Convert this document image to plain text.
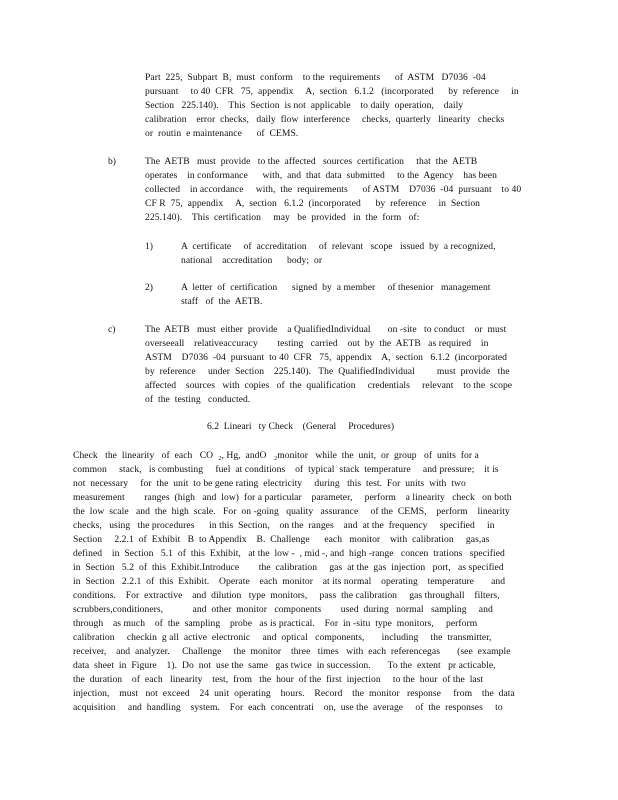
Part  225,  Subpart  B,  must  conform    to the  requirements      of  ASTM   D7036  -04
pursuant     to 40  CFR   75,  appendix     A,  section   6.1.2   (incorporated      by  reference     in
Section   225.140).    This  Section  is not  applicable    to daily  operation,    daily
calibration    error  checks,   daily  flow  interference     checks,  quarterly   linearity   checks
or  routin  e maintenance      of  CEMS.
b)	The  AETB   must  provide   to the  affected   sources  certification     that  the  AETB
operates    in conformance      with,  and  that  data  submitted     to the  Agency    has been
collected    in accordance     with,  the  requirements      of ASTM    D7036  -04  pursuant    to 40
CF R  75,  appendix     A,  section   6.1.2  (incorporated      by  reference     in  Section
225.140).    This  certification     may   be  provided   in  the  form   of:
1)	A  certificate     of  accreditation     of  relevant   scope   issued  by  a recognized,
national    accreditation      body;  or
2)	A  letter  of  certification      signed  by  a member     of thesenior   management
staff   of  the  AETB.
c)	The  AETB   must  either  provide    a QualifiedIndividual       on -site   to conduct    or  must
overseeall    relativeaccuracy        testing   carried    out  by  the  AETB   as required    in
ASTM    D7036  -04  pursuant  to 40  CFR   75,  appendix    A,  section   6.1.2  (incorporated
by  reference     under  Section    225.140).   The  QualifiedIndividual         must  provide   the
affected    sources   with  copies   of  the  qualification     credentials     relevant    to the  scope
of  the  testing   conducted.
6.2  Lineari   ty Check    (General     Procedures)
Check   the  linearity   of  each   CO  ₂, Hg,  andO   ₂monitor   while  the  unit,  or  group   of  units  for a
common     stack,   is combusting     fuel  at conditions    of  typical  stack  temperature     and pressure;    it is
not  necessary     for  the  unit  to be gene rating  electricity     during   this  test.  For  units  with  two
measurement        ranges  (high   and  low)  for a particular    parameter,     perform    a linearity   check   on both
the  low  scale   and  the  high  scale.   For  on -going   quality   assurance     of the  CEMS,    perform    linearity
checks,   using   the procedures      in this  Section,    on the  ranges    and  at the  frequency     specified     in
Section     2.2.1  of  Exhibit   B  to Appendix    B.  Challenge      each   monitor    with  calibration     gas,as
defined    in  Section   5.1  of  this  Exhibit,   at the  low -  , mid -, and  high -range   concen  trations   specified
in  Section   5.2  of  this  Exhibit.Introduce        the  calibration     gas  at the  gas  injection   port,   as specified
in  Section   2.2.1  of  this  Exhibit.    Operate    each  monitor    at its normal    operating    temperature       and
conditions.    For  extractive    and  dilution   type  monitors,     pass  the calibration     gas throughall    filters,
scrubbers,conditioners,            and  other  monitor   components        used  during   normal   sampling     and
through    as much    of  the  sampling    probe   as is practical.    For  in -situ  type  monitors,     perform
calibration     checkin  g all  active  electronic     and  optical   components,       including     the  transmitter,
receiver,    and  analyzer.     Challenge     the  monitor    three   times   with  each  referencegas       (see  example
data  sheet  in  Figure    1).  Do  not  use the  same   gas twice  in succession.       To the  extent   pr acticable,
the  duration    of  each   linearity    test,  from   the  hour  of the  first  injection     to the  hour  of the  last
injection,    must   not  exceed    24  unit  operating    hours.    Record    the  monitor   response     from    the  data
acquisition     and  handling    system.    For  each  concentrati    on,  use the  average     of  the  responses     to
